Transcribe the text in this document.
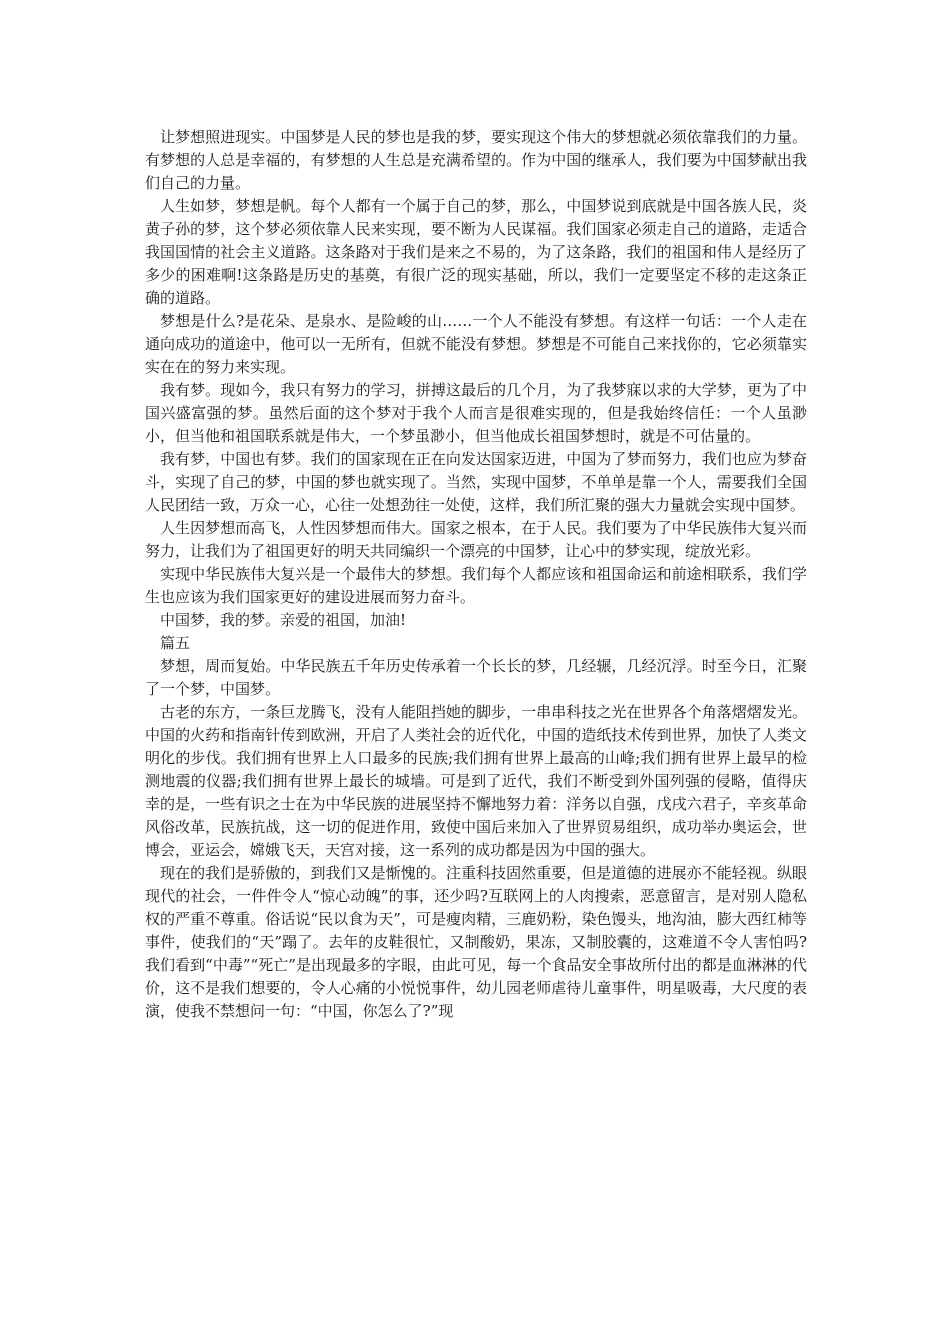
让梦想照进现实。中国梦是人民的梦也是我的梦，要实现这个伟大的梦想就必须依靠我们的力量。有梦想的人总是幸福的，有梦想的人生总是充满希望的。作为中国的继承人，我们要为中国梦献出我们自己的力量。

人生如梦，梦想是帆。每个人都有一个属于自己的梦，那么，中国梦说到底就是中国各族人民，炎黄子孙的梦，这个梦必须依靠人民来实现，要不断为人民谋福。我们国家必须走自己的道路，走适合我国国情的社会主义道路。这条路对于我们是来之不易的，为了这条路，我们的祖国和伟人是经历了多少的困难啊!这条路是历史的基奠，有很广泛的现实基础，所以，我们一定要坚定不移的走这条正确的道路。

梦想是什么?是花朵、是泉水、是险峻的山……一个人不能没有梦想。有这样一句话：一个人走在通向成功的道途中，他可以一无所有，但就不能没有梦想。梦想是不可能自己来找你的，它必须靠实实在在的努力来实现。

我有梦。现如今，我只有努力的学习，拼搏这最后的几个月，为了我梦寐以求的大学梦，更为了中国兴盛富强的梦。虽然后面的这个梦对于我个人而言是很难实现的，但是我始终信任：一个人虽渺小，但当他和祖国联系就是伟大，一个梦虽渺小，但当他成长祖国梦想时，就是不可估量的。

我有梦，中国也有梦。我们的国家现在正在向发达国家迈进，中国为了梦而努力，我们也应为梦奋斗，实现了自己的梦，中国的梦也就实现了。当然，实现中国梦，不单单是靠一个人，需要我们全国人民团结一致，万众一心，心往一处想劲往一处使，这样，我们所汇聚的强大力量就会实现中国梦。

人生因梦想而高飞，人性因梦想而伟大。国家之根本，在于人民。我们要为了中华民族伟大复兴而努力，让我们为了祖国更好的明天共同编织一个漂亮的中国梦，让心中的梦实现，绽放光彩。

实现中华民族伟大复兴是一个最伟大的梦想。我们每个人都应该和祖国命运和前途相联系，我们学生也应该为我们国家更好的建设进展而努力奋斗。

中国梦，我的梦。亲爱的祖国，加油!

篇五

梦想，周而复始。中华民族五千年历史传承着一个长长的梦，几经辗，几经沉浮。时至今日，汇聚了一个梦，中国梦。

古老的东方，一条巨龙腾飞，没有人能阻挡她的脚步，一串串科技之光在世界各个角落熠熠发光。中国的火药和指南针传到欧洲，开启了人类社会的近代化，中国的造纸技术传到世界，加快了人类文明化的步伐。我们拥有世界上人口最多的民族;我们拥有世界上最高的山峰;我们拥有世界上最早的检测地震的仪器;我们拥有世界上最长的城墙。可是到了近代，我们不断受到外国列强的侵略，值得庆幸的是，一些有识之士在为中华民族的进展坚持不懈地努力着：洋务以自强，戊戌六君子，辛亥革命风俗改革，民族抗战，这一切的促进作用，致使中国后来加入了世界贸易组织，成功举办奥运会，世博会，亚运会，嫦娥飞天，天宫对接，这一系列的成功都是因为中国的强大。

现在的我们是骄傲的，到我们又是惭愧的。注重科技固然重要，但是道德的进展亦不能轻视。纵眼现代的社会，一件件令人“惊心动魄”的事，还少吗?互联网上的人肉搜索，恶意留言，是对别人隐私权的严重不尊重。俗话说“民以食为天”，可是瘦肉精，三鹿奶粉，染色馒头，地沟油，膨大西红柿等事件，使我们的“天”蹋了。去年的皮鞋很忙，又制酸奶，果冻，又制胶囊的，这难道不令人害怕吗?我们看到“中毒”“死亡”是出现最多的字眼，由此可见，每一个食品安全事故所付出的都是血淋淋的代价，这不是我们想要的，令人心痛的小悦悦事件，幼儿园老师虐待儿童事件，明星吸毒，大尺度的表演，使我不禁想问一句：“中国，你怎么了?”现
